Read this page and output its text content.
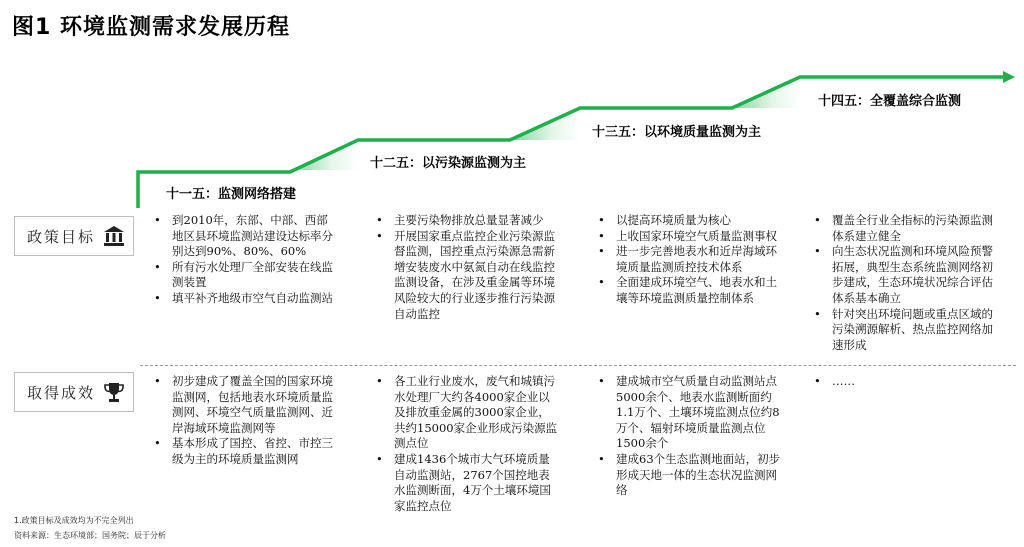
图1 环境监测需求发展历程
十一五：监测网络搭建
十二五：以污染源监测为主
十三五：以环境质量监测为主
十四五：全覆盖综合监测
政策目标
取得成效
• 到2010年，东部、中部、西部地区县环境监测站建设达标率分别达到90%、80%、60%
• 所有污水处理厂全部安装在线监测装置
• 填平补齐地级市空气自动监测站
• 主要污染物排放总量显著减少
• 开展国家重点监控企业污染源监督监测，国控重点污染源急需新增安装废水中氨氮自动在线监控监测设备，在涉及重金属等环境风险较大的行业逐步推行污染源自动监控
• 以提高环境质量为核心
• 上收国家环境空气质量监测事权
• 进一步完善地表水和近岸海域环境质量监测质控技术体系
• 全面建成环境空气、地表水和土壤等环境监测质量控制体系
• 覆盖全行业全指标的污染源监测体系建立健全
• 向生态状况监测和环境风险预警拓展，典型生态系统监测网络初步建成，生态环境状况综合评估体系基本确立
• 针对突出环境问题或重点区域的污染溯源解析、热点监控网络加速形成
• 初步建成了覆盖全国的国家环境监测网，包括地表水环境质量监测网、环境空气质量监测网、近岸海域环境监测网等
• 基本形成了国控、省控、市控三级为主的环境质量监测网
• 各工业行业废水，废气和城镇污水处理厂大约各4000家企业以及排放重金属的3000家企业，共约15000家企业形成污染源监测点位
• 建成1436个城市大气环境质量自动监测站，2767个国控地表水监测断面，4万个土壤环境国家监控点位
• 建成城市空气质量自动监测站点5000余个、地表水监测断面约1.1万个、土壤环境监测点位约8万个、辐射环境质量监测点位1500余个
• 建成63个生态监测地面站，初步形成天地一体的生态状况监测网络
• ……
1.政策目标及成效均为不完全列出
资料来源：生态环境部；国务院；辰于分析
